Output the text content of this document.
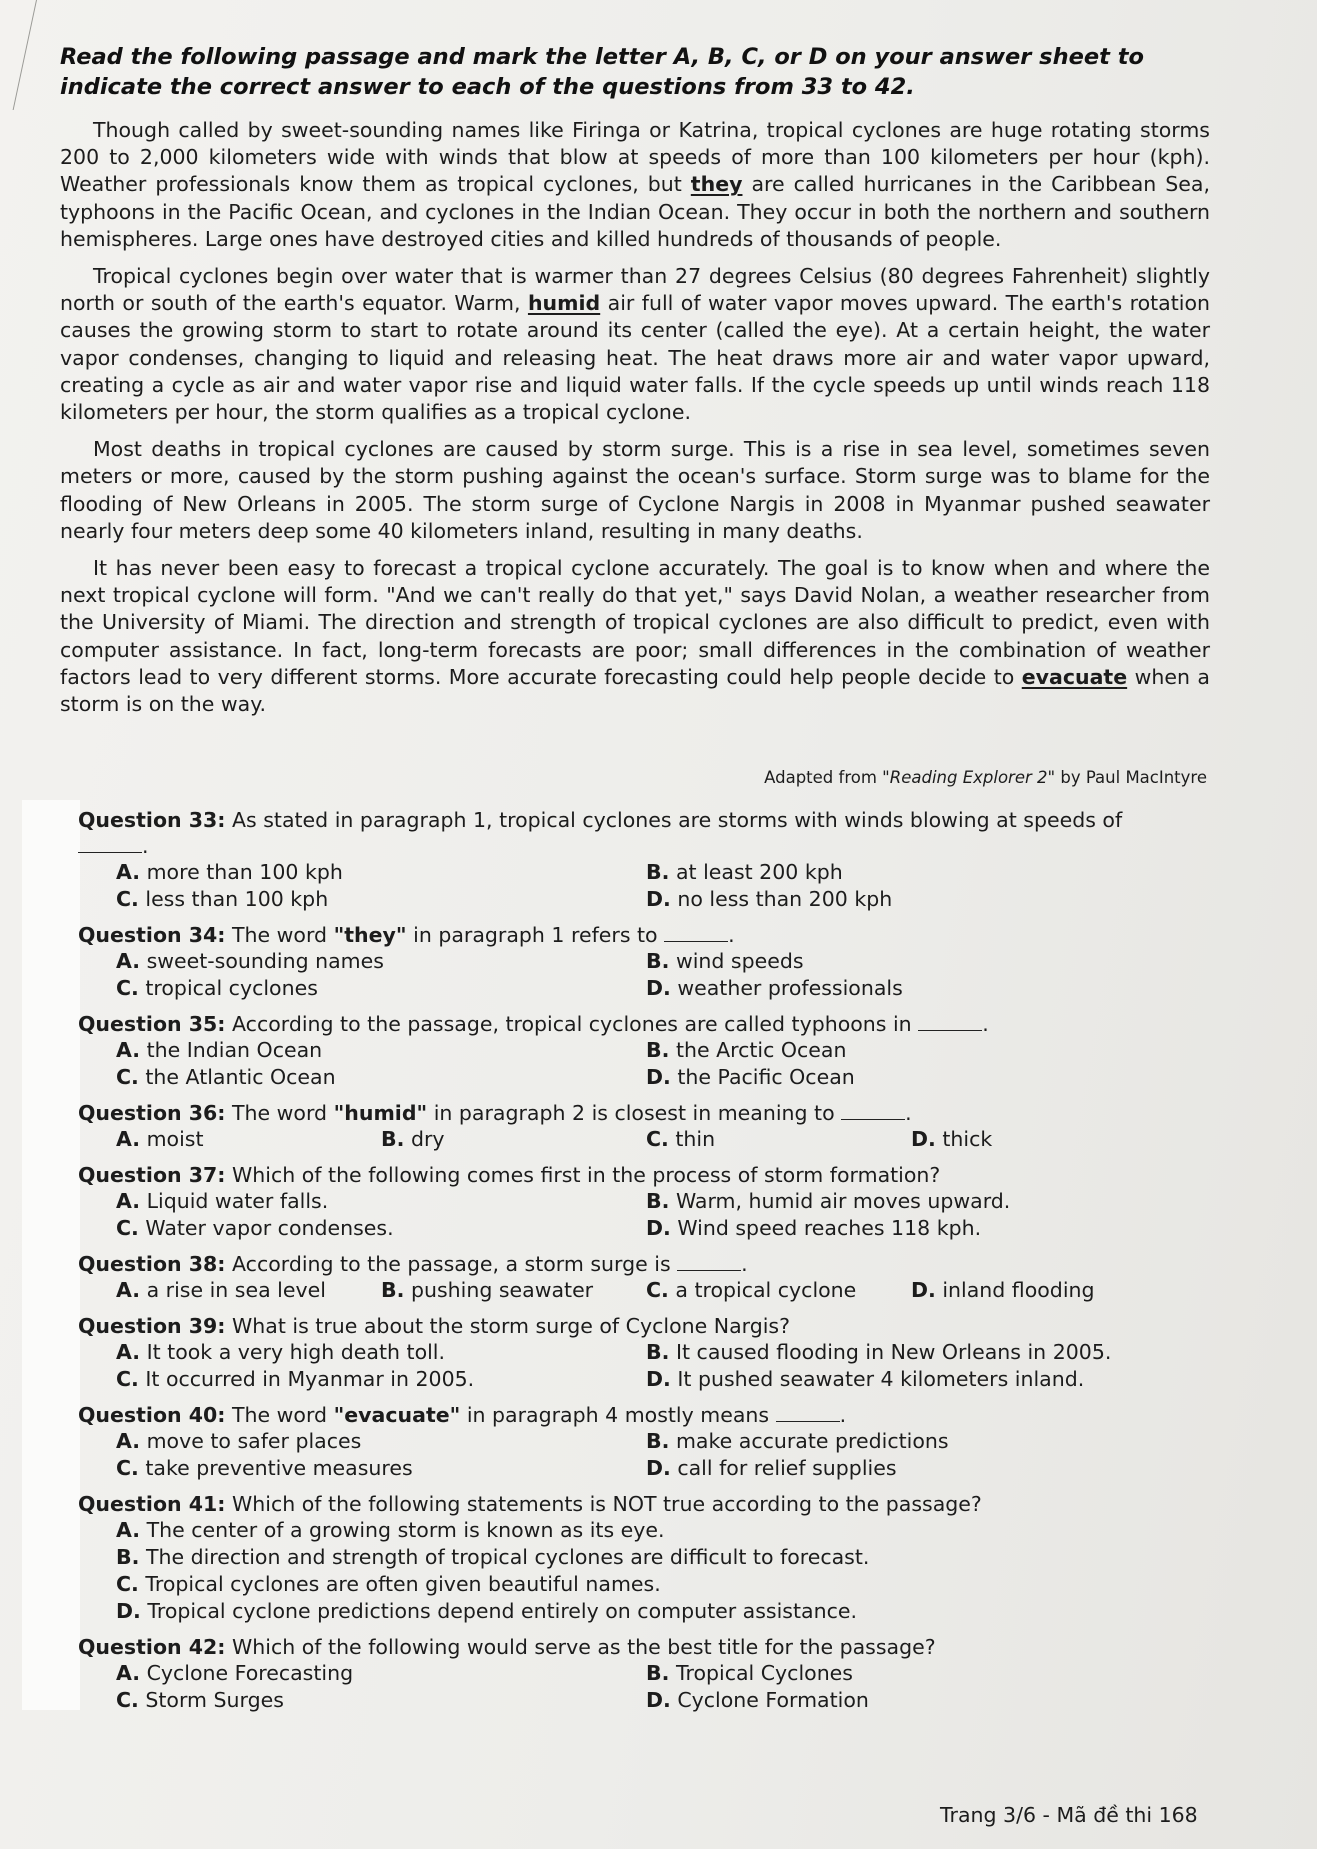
Read the following passage and mark the letter A, B, C, or D on your answer sheet to indicate the correct answer to each of the questions from 33 to 42.

Though called by sweet-sounding names like Firinga or Katrina, tropical cyclones are huge rotating storms 200 to 2,000 kilometers wide with winds that blow at speeds of more than 100 kilometers per hour (kph). Weather professionals know them as tropical cyclones, but they are called hurricanes in the Caribbean Sea, typhoons in the Pacific Ocean, and cyclones in the Indian Ocean. They occur in both the northern and southern hemispheres. Large ones have destroyed cities and killed hundreds of thousands of people.

Tropical cyclones begin over water that is warmer than 27 degrees Celsius (80 degrees Fahrenheit) slightly north or south of the earth's equator. Warm, humid air full of water vapor moves upward. The earth's rotation causes the growing storm to start to rotate around its center (called the eye). At a certain height, the water vapor condenses, changing to liquid and releasing heat. The heat draws more air and water vapor upward, creating a cycle as air and water vapor rise and liquid water falls. If the cycle speeds up until winds reach 118 kilometers per hour, the storm qualifies as a tropical cyclone.

Most deaths in tropical cyclones are caused by storm surge. This is a rise in sea level, sometimes seven meters or more, caused by the storm pushing against the ocean's surface. Storm surge was to blame for the flooding of New Orleans in 2005. The storm surge of Cyclone Nargis in 2008 in Myanmar pushed seawater nearly four meters deep some 40 kilometers inland, resulting in many deaths.

It has never been easy to forecast a tropical cyclone accurately. The goal is to know when and where the next tropical cyclone will form. "And we can't really do that yet," says David Nolan, a weather researcher from the University of Miami. The direction and strength of tropical cyclones are also difficult to predict, even with computer assistance. In fact, long-term forecasts are poor; small differences in the combination of weather factors lead to very different storms. More accurate forecasting could help people decide to evacuate when a storm is on the way.

Adapted from "Reading Explorer 2" by Paul MacIntyre
Question 33: As stated in paragraph 1, tropical cyclones are storms with winds blowing at speeds of .
A. more than 100 kph	B. at least 200 kph
C. less than 100 kph	D. no less than 200 kph
Question 34: The word "they" in paragraph 1 refers to	.
A. sweet-sounding names	B. wind speeds
C. tropical cyclones	D. weather professionals
Question 35: According to the passage, tropical cyclones are called typhoons in	.
A. the Indian Ocean	B. the Arctic Ocean
C. the Atlantic Ocean	D. the Pacific Ocean
Question 36: The word "humid" in paragraph 2 is closest in meaning to	.
A. moist	B. dry	C. thin	D. thick
Question 37: Which of the following comes first in the process of storm formation?
A. Liquid water falls.	B. Warm, humid air moves upward.
C. Water vapor condenses.	D. Wind speed reaches 118 kph.
Question 38: According to the passage, a storm surge is	.
A. a rise in sea level	B. pushing seawater	C. a tropical cyclone	D. inland flooding
Question 39: What is true about the storm surge of Cyclone Nargis?
A. It took a very high death toll.	B. It caused flooding in New Orleans in 2005.
C. It occurred in Myanmar in 2005.	D. It pushed seawater 4 kilometers inland.
Question 40: The word "evacuate" in paragraph 4 mostly means	.
A. move to safer places	B. make accurate predictions
C. take preventive measures	D. call for relief supplies
Question 41: Which of the following statements is NOT true according to the passage?
A. The center of a growing storm is known as its eye.
B. The direction and strength of tropical cyclones are difficult to forecast.
C. Tropical cyclones are often given beautiful names.
D. Tropical cyclone predictions depend entirely on computer assistance.
Question 42: Which of the following would serve as the best title for the passage?
A. Cyclone Forecasting	B. Tropical Cyclones
C. Storm Surges	D. Cyclone Formation
Trang 3/6 - Mã đề thi 168
